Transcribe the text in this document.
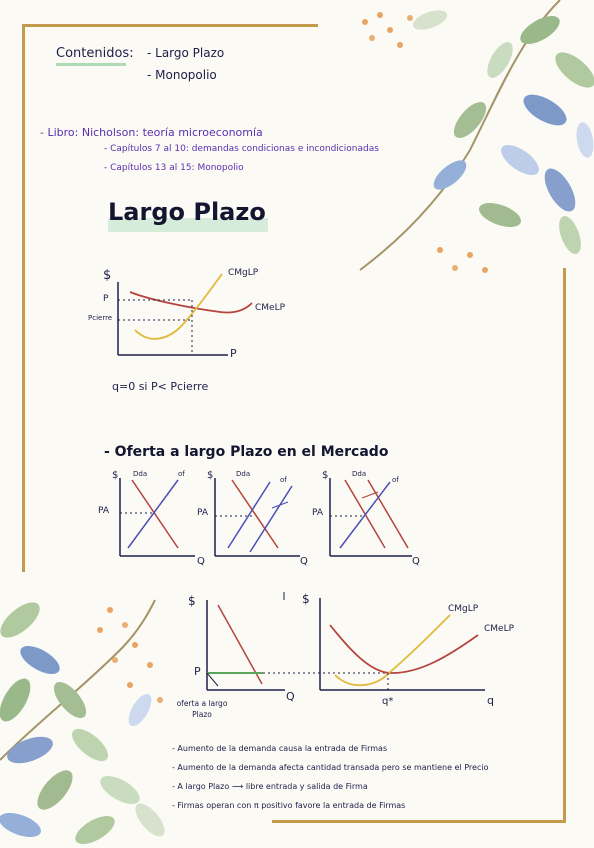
Contenidos: - Largo Plazo
- Monopolio
- Libro: Nicholson: teoría microeconomía
- Capítulos 7 al 10: demandas condicionas e incondicionadas
- Capítulos 13 al 15: Monopolio
Largo Plazo
$
P
P
Pcierre
CMgLP
CMeLP
q=0 si P< Pcierre
- Oferta a largo Plazo en el Mercado
$
Q
PA
Dda	of $
Q
PA
Dda
of	$
Q
PA
Dda
of
$
Q
P
oferta a largo Plazo
$
q
q*
CMgLP
CMeLP
- Aumento de la demanda causa la entrada de Firmas
- Aumento de la demanda afecta cantidad transada pero se mantiene el Precio
- A largo Plazo ⟶ libre entrada y salida de Firma
- Firmas operan con π positivo favore la entrada de Firmas
